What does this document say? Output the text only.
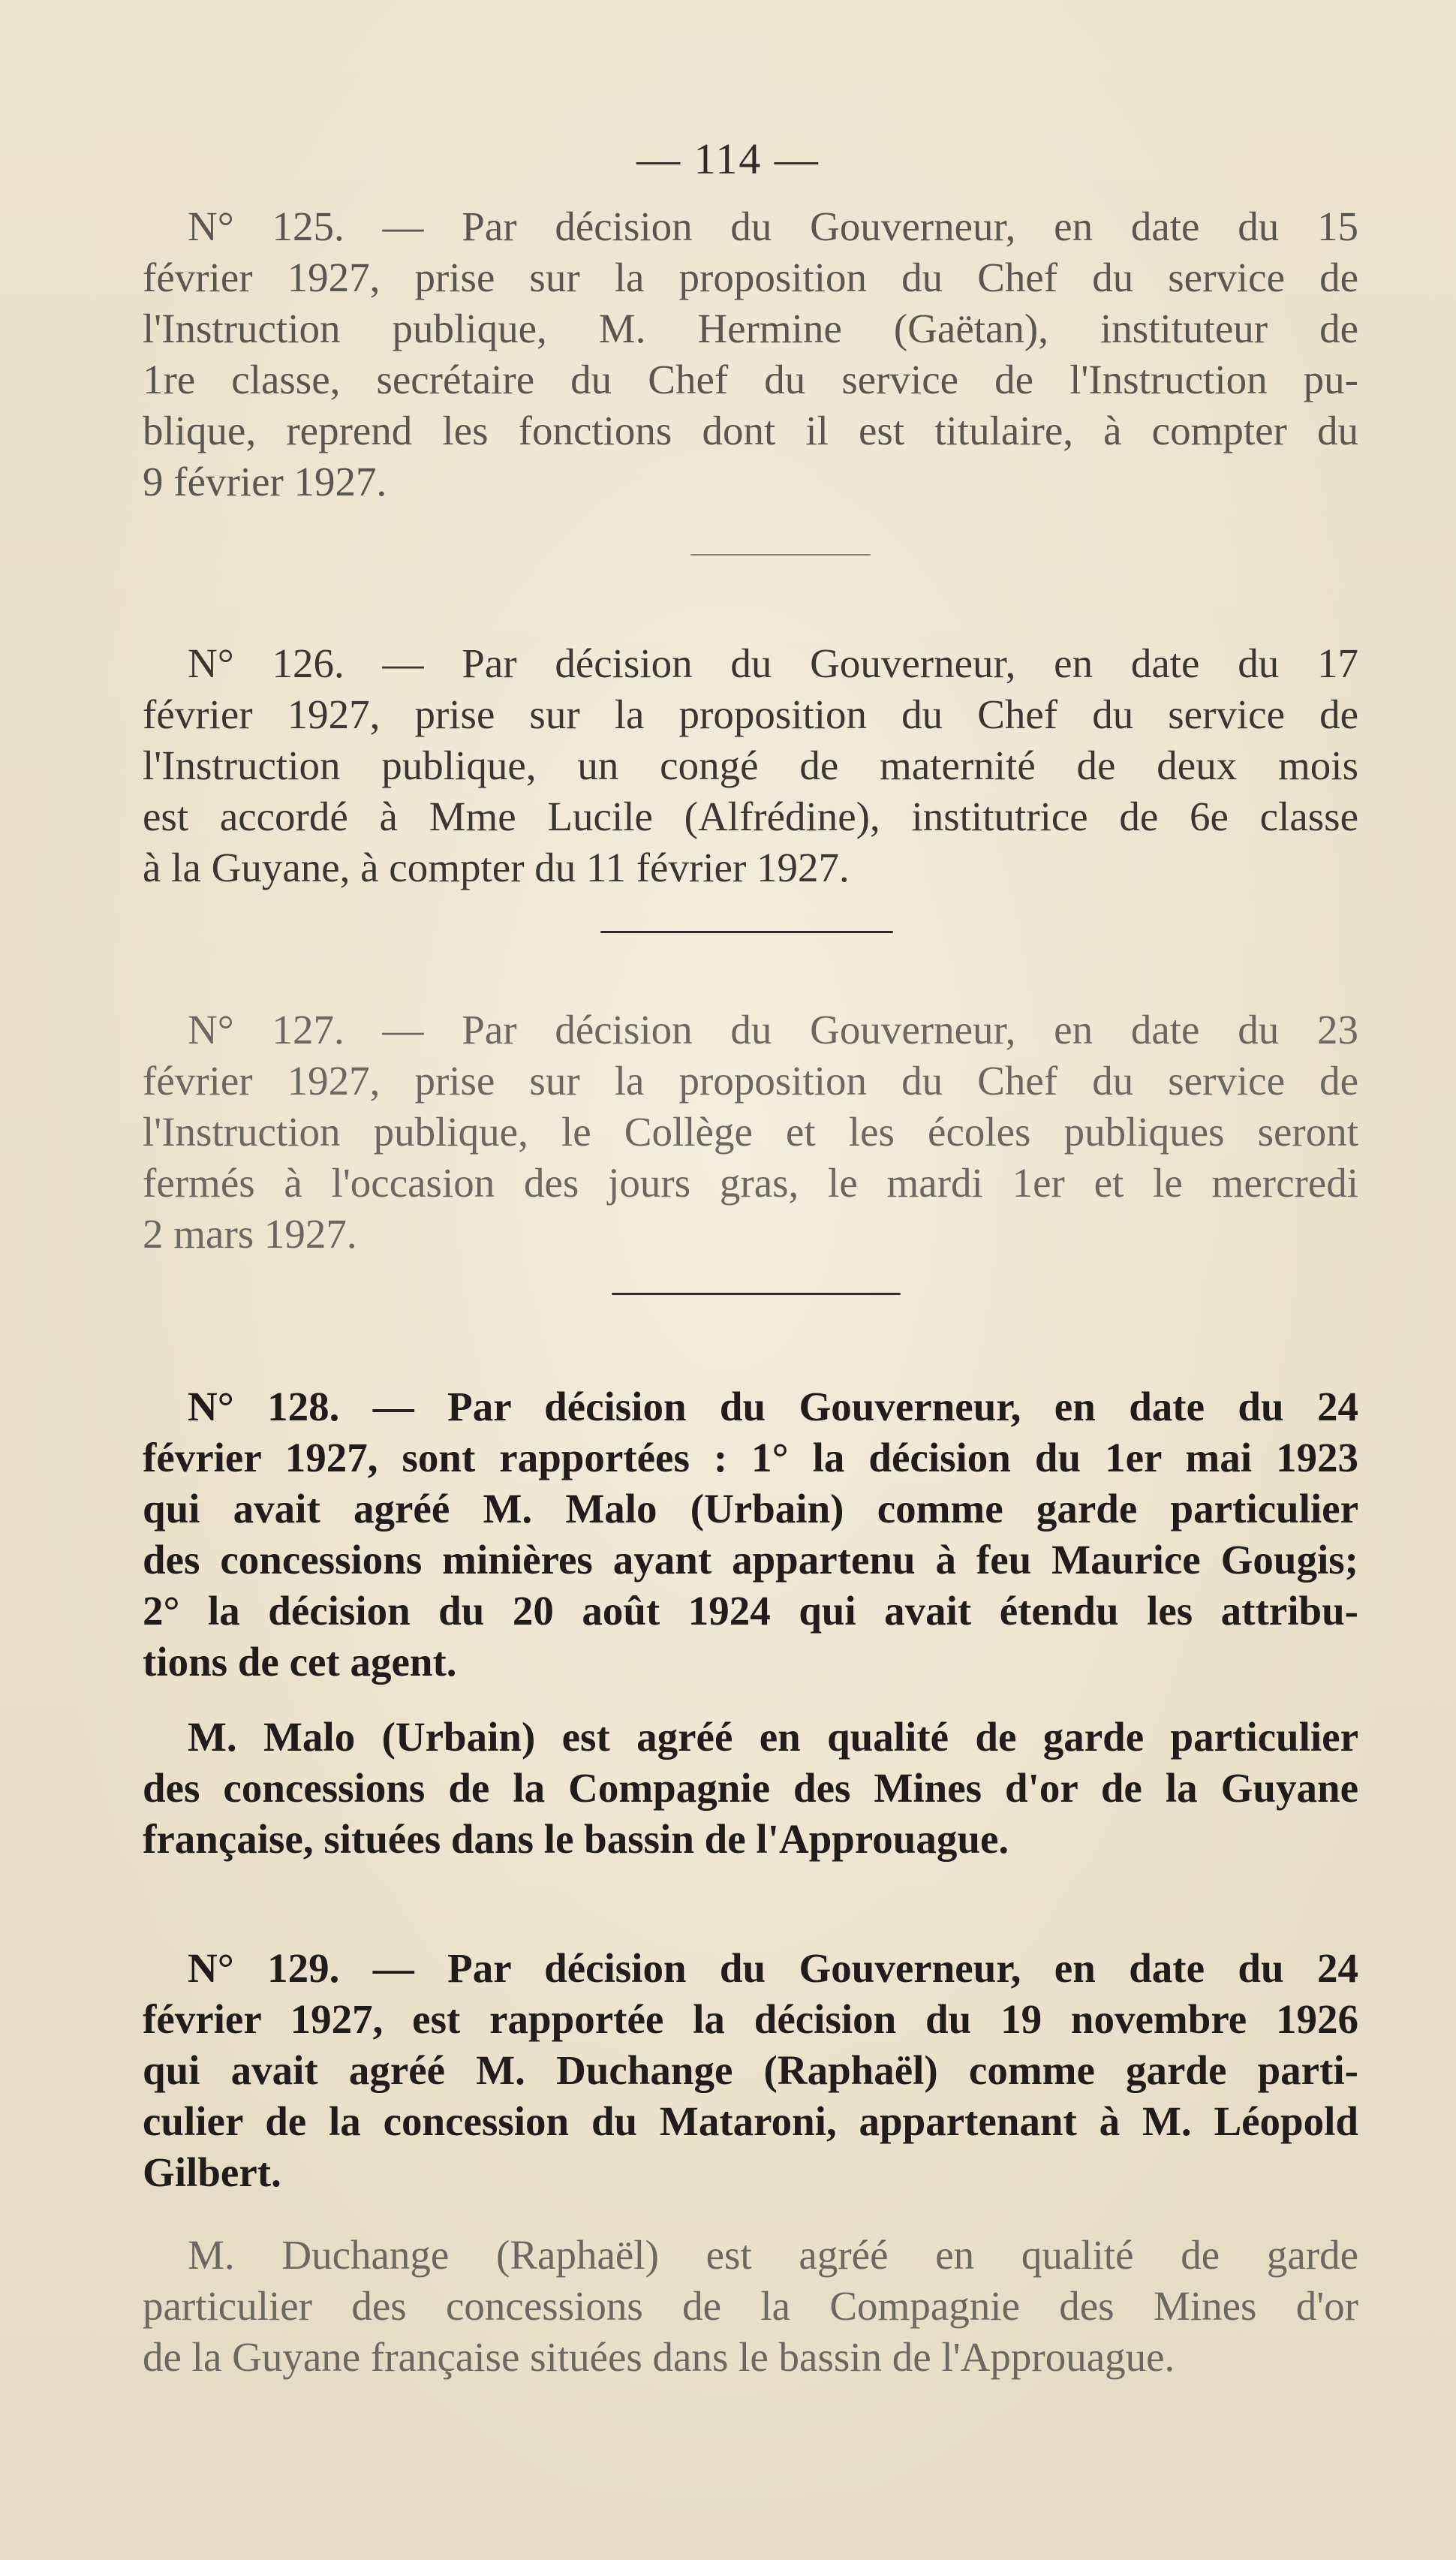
— 114 —
N° 125. — Par décision du Gouverneur, en date du 15
février 1927, prise sur la proposition du Chef du service de
l'Instruction publique, M. Hermine (Gaëtan), instituteur de
1re classe, secrétaire du Chef du service de l'Instruction pu-
blique, reprend les fonctions dont il est titulaire, à compter du
9 février 1927.
N° 126. — Par décision du Gouverneur, en date du 17
février 1927, prise sur la proposition du Chef du service de
l'Instruction publique, un congé de maternité de deux mois
est accordé à Mme Lucile (Alfrédine), institutrice de 6e classe
à la Guyane, à compter du 11 février 1927.
N° 127. — Par décision du Gouverneur, en date du 23
février 1927, prise sur la proposition du Chef du service de
l'Instruction publique, le Collège et les écoles publiques seront
fermés à l'occasion des jours gras, le mardi 1er et le mercredi
2 mars 1927.
N° 128. — Par décision du Gouverneur, en date du 24
février 1927, sont rapportées : 1° la décision du 1er mai 1923
qui avait agréé M. Malo (Urbain) comme garde particulier
des concessions minières ayant appartenu à feu Maurice Gougis;
2° la décision du 20 août 1924 qui avait étendu les attribu-
tions de cet agent.
M. Malo (Urbain) est agréé en qualité de garde particulier
des concessions de la Compagnie des Mines d'or de la Guyane
française, situées dans le bassin de l'Approuague.
N° 129. — Par décision du Gouverneur, en date du 24
février 1927, est rapportée la décision du 19 novembre 1926
qui avait agréé M. Duchange (Raphaël) comme garde parti-
culier de la concession du Mataroni, appartenant à M. Léopold
Gilbert.
M. Duchange (Raphaël) est agréé en qualité de garde
particulier des concessions de la Compagnie des Mines d'or
de la Guyane française situées dans le bassin de l'Approuague.
